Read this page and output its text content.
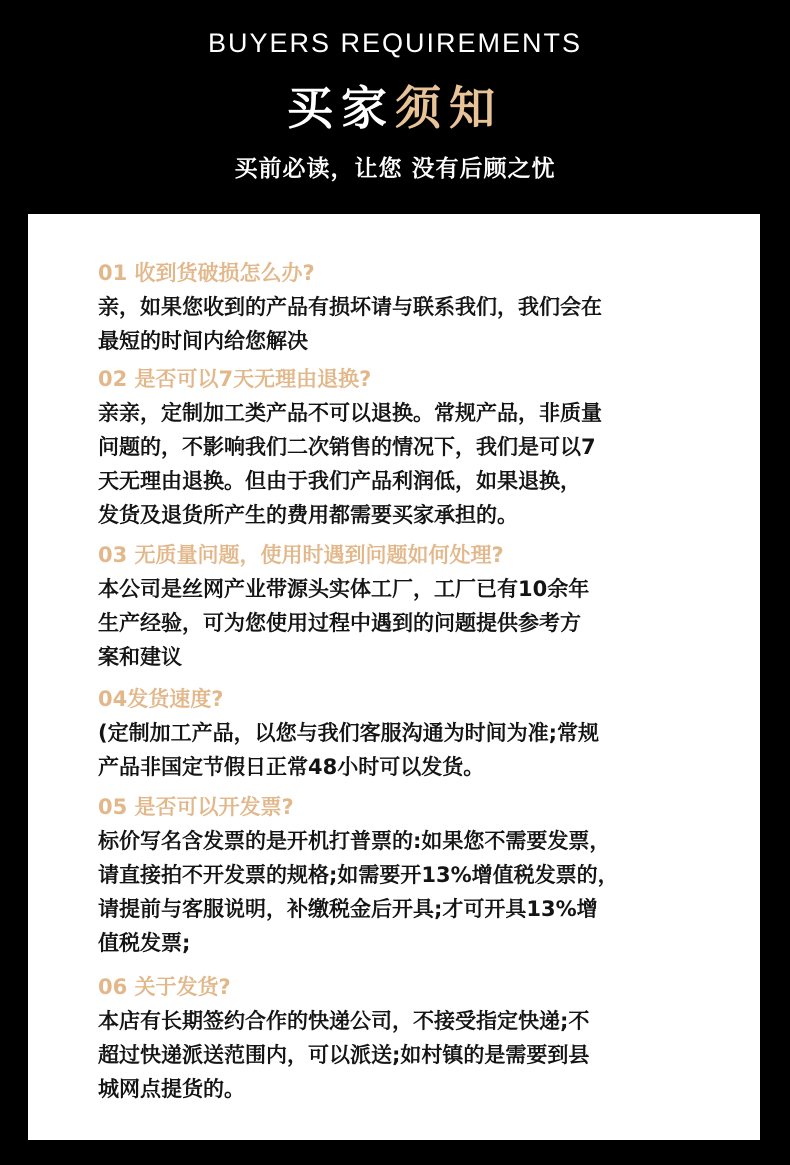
BUYERS REQUIREMENTS
买家须知
买前必读，让您 没有后顾之忧

01 收到货破损怎么办?

亲，如果您收到的产品有损坏请与联系我们，我们会在

最短的时间内给您解决

02 是否可以7天无理由退换?

亲亲，定制加工类产品不可以退换。常规产品，非质量

问题的，不影响我们二次销售的情况下，我们是可以7

天无理由退换。但由于我们产品利润低，如果退换，

发货及退货所产生的费用都需要买家承担的。

03 无质量问题，使用时遇到问题如何处理?

本公司是丝网产业带源头实体工厂，工厂已有10余年

生产经验，可为您使用过程中遇到的问题提供参考方

案和建议

04发货速度?

(定制加工产品，以您与我们客服沟通为时间为准;常规

产品非国定节假日正常48小时可以发货。

05 是否可以开发票?

标价写名含发票的是开机打普票的:如果您不需要发票，

请直接拍不开发票的规格;如需要开13%增值税发票的，

请提前与客服说明，补缴税金后开具;才可开具13%增

值税发票;

06 关于发货?

本店有长期签约合作的快递公司，不接受指定快递;不

超过快递派送范围内，可以派送;如村镇的是需要到县

城网点提货的。
